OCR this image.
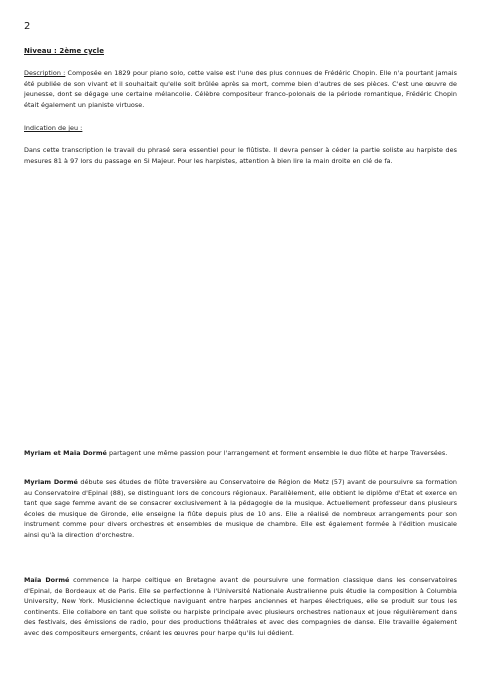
2
Niveau : 2ème cycle
Description : Composée en 1829 pour piano solo, cette valse est l'une des plus connues de Frédéric Chopin. Elle n'a pourtant jamais été publiée de son vivant et il souhaitait qu'elle soit brûlée après sa mort, comme bien d'autres de ses pièces. C'est une œuvre de jeunesse, dont se dégage une certaine mélancolie. Célèbre compositeur franco-polonais de la période romantique, Frédéric Chopin était également un pianiste virtuose.
Indication de jeu :
Dans cette transcription le travail du phrasé sera essentiel pour le flûtiste. Il devra penser à céder la partie soliste au harpiste des mesures 81 à 97 lors du passage en Si Majeur. Pour les harpistes, attention à bien lire la main droite en clé de fa.
Myriam et Maïa Dormé partagent une même passion pour l'arrangement et forment ensemble le duo flûte et harpe Traversées.
Myriam Dormé débute ses études de flûte traversière au Conservatoire de Région de Metz (57) avant de poursuivre sa formation au Conservatoire d'Epinal (88), se distinguant lors de concours régionaux. Parallèlement, elle obtient le diplôme d'Etat et exerce en tant que sage femme avant de se consacrer exclusivement à la pédagogie de la musique. Actuellement professeur dans plusieurs écoles de musique de Gironde, elle enseigne la flûte depuis plus de 10 ans. Elle a réalisé de nombreux arrangements pour son instrument comme pour divers orchestres et ensembles de musique de chambre. Elle est également formée à l'édition musicale ainsi qu'à la direction d'orchestre.
Maïa Dormé commence la harpe celtique en Bretagne avant de poursuivre une formation classique dans les conservatoires d'Epinal, de Bordeaux et de Paris. Elle se perfectionne à l'Université Nationale Australienne puis étudie la composition à Columbia University, New York. Musicienne éclectique naviguant entre harpes anciennes et harpes électriques, elle se produit sur tous les continents. Elle collabore en tant que soliste ou harpiste principale avec plusieurs orchestres nationaux et joue régulièrement dans des festivals, des émissions de radio, pour des productions théâtrales et avec des compagnies de danse. Elle travaille également avec des compositeurs emergents, créant les œuvres pour harpe qu'ils lui dédient.
